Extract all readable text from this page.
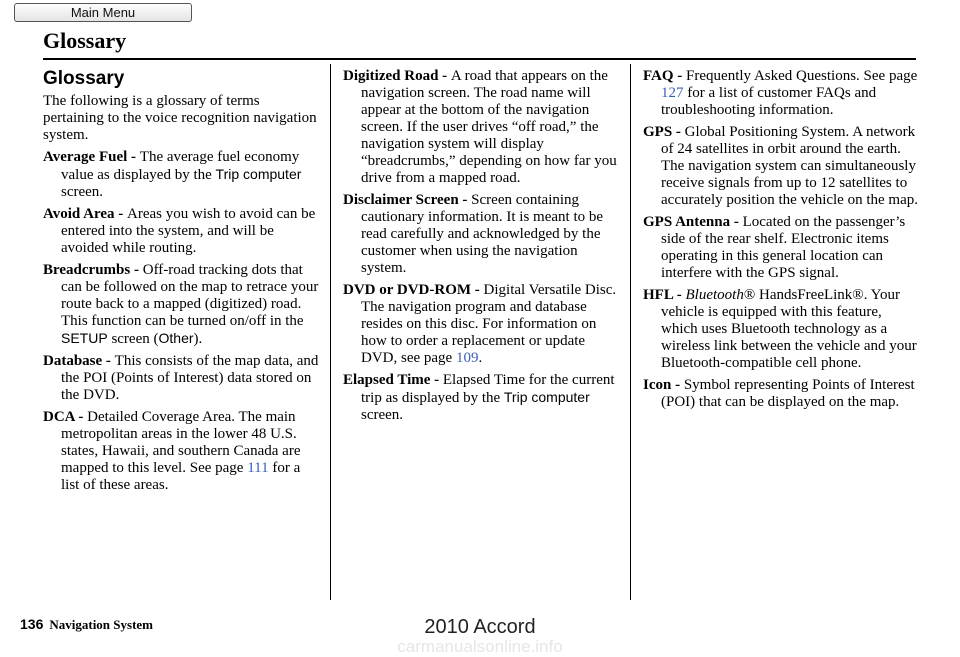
Main Menu
Glossary
Glossary

The following is a glossary of terms pertaining to the voice recognition navigation system.

Average Fuel - The average fuel economy value as displayed by the Trip computer screen.

Avoid Area - Areas you wish to avoid can be entered into the system, and will be avoided while routing.

Breadcrumbs - Off-road tracking dots that can be followed on the map to retrace your route back to a mapped (digitized) road. This function can be turned on/off in the SETUP screen (Other).

Database - This consists of the map data, and the POI (Points of Interest) data stored on the DVD.

DCA - Detailed Coverage Area. The main metropolitan areas in the lower 48 U.S. states, Hawaii, and southern Canada are mapped to this level. See page 111 for a list of these areas.

Digitized Road - A road that appears on the navigation screen. The road name will appear at the bottom of the navigation screen. If the user drives “off road,” the navigation system will display “breadcrumbs,” depending on how far you drive from a mapped road.

Disclaimer Screen - Screen containing cautionary information. It is meant to be read carefully and acknowledged by the customer when using the navigation system.

DVD or DVD-ROM - Digital Versatile Disc. The navigation program and database resides on this disc. For information on how to order a replacement or update DVD, see page 109.

Elapsed Time - Elapsed Time for the current trip as displayed by the Trip computer screen.

FAQ - Frequently Asked Questions. See page 127 for a list of customer FAQs and troubleshooting information.

GPS - Global Positioning System. A network of 24 satellites in orbit around the earth. The navigation system can simultaneously receive signals from up to 12 satellites to accurately position the vehicle on the map.

GPS Antenna - Located on the passenger’s side of the rear shelf. Electronic items operating in this general location can interfere with the GPS signal.

HFL - Bluetooth® HandsFreeLink®. Your vehicle is equipped with this feature, which uses Bluetooth technology as a wireless link between the vehicle and your Bluetooth-compatible cell phone.

Icon - Symbol representing Points of Interest (POI) that can be displayed on the map.

136 Navigation System	2010 Accord
carmanualsonline.info
